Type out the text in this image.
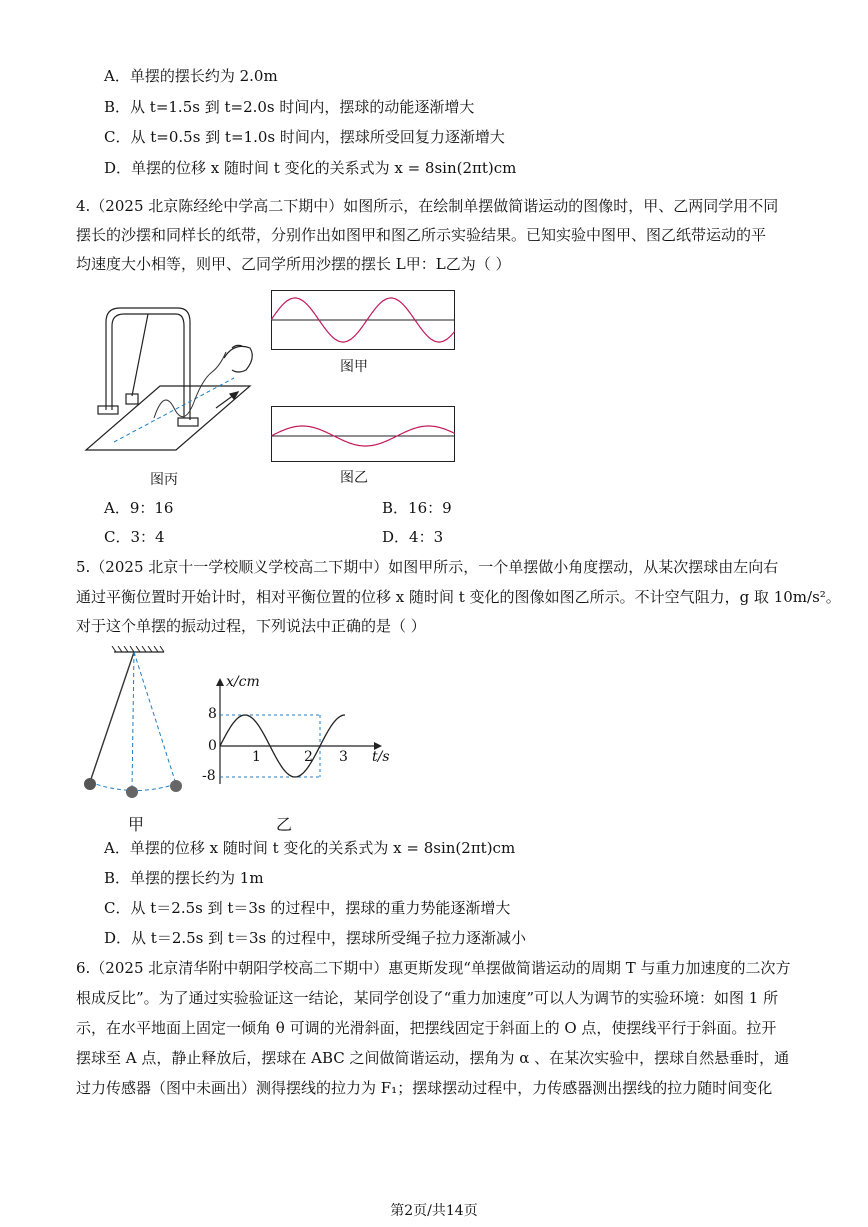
A．单摆的摆长约为 2.0m
B．从 t=1.5s 到 t=2.0s 时间内，摆球的动能逐渐增大
C．从 t=0.5s 到 t=1.0s 时间内，摆球所受回复力逐渐增大
D．单摆的位移 x 随时间 t 变化的关系式为 x = 8sin(2πt)cm
4.（2025 北京陈经纶中学高二下期中）如图所示，在绘制单摆做简谐运动的图像时，甲、乙两同学用不同
摆长的沙摆和同样长的纸带，分别作出如图甲和图乙所示实验结果。已知实验中图甲、图乙纸带运动的平
均速度大小相等，则甲、乙同学所用沙摆的摆长 L甲：L乙为（ ）
图丙
图甲
图乙
A．9：16	B．16：9
C．3：4	D．4：3
5.（2025 北京十一学校顺义学校高二下期中）如图甲所示，一个单摆做小角度摆动，从某次摆球由左向右
通过平衡位置时开始计时，相对平衡位置的位移 x 随时间 t 变化的图像如图乙所示。不计空气阻力，g 取 10m/s²。
对于这个单摆的振动过程，下列说法中正确的是（ ）
甲
x/cm
8
0
-8
1	2 3 t/s
乙
A．单摆的位移 x 随时间 t 变化的关系式为 x = 8sin(2πt)cm
B．单摆的摆长约为 1m
C．从 t＝2.5s 到 t＝3s 的过程中，摆球的重力势能逐渐增大
D．从 t＝2.5s 到 t＝3s 的过程中，摆球所受绳子拉力逐渐减小
6.（2025 北京清华附中朝阳学校高二下期中）惠更斯发现“单摆做简谐运动的周期 T 与重力加速度的二次方
根成反比”。为了通过实验验证这一结论，某同学创设了“重力加速度”可以人为调节的实验环境：如图 1 所
示，在水平地面上固定一倾角 θ 可调的光滑斜面，把摆线固定于斜面上的 O 点，使摆线平行于斜面。拉开
摆球至 A 点，静止释放后，摆球在 ABC 之间做简谐运动，摆角为 α 、在某次实验中，摆球自然悬垂时，通
过力传感器（图中未画出）测得摆线的拉力为 F₁；摆球摆动过程中，力传感器测出摆线的拉力随时间变化
第2页/共14页
